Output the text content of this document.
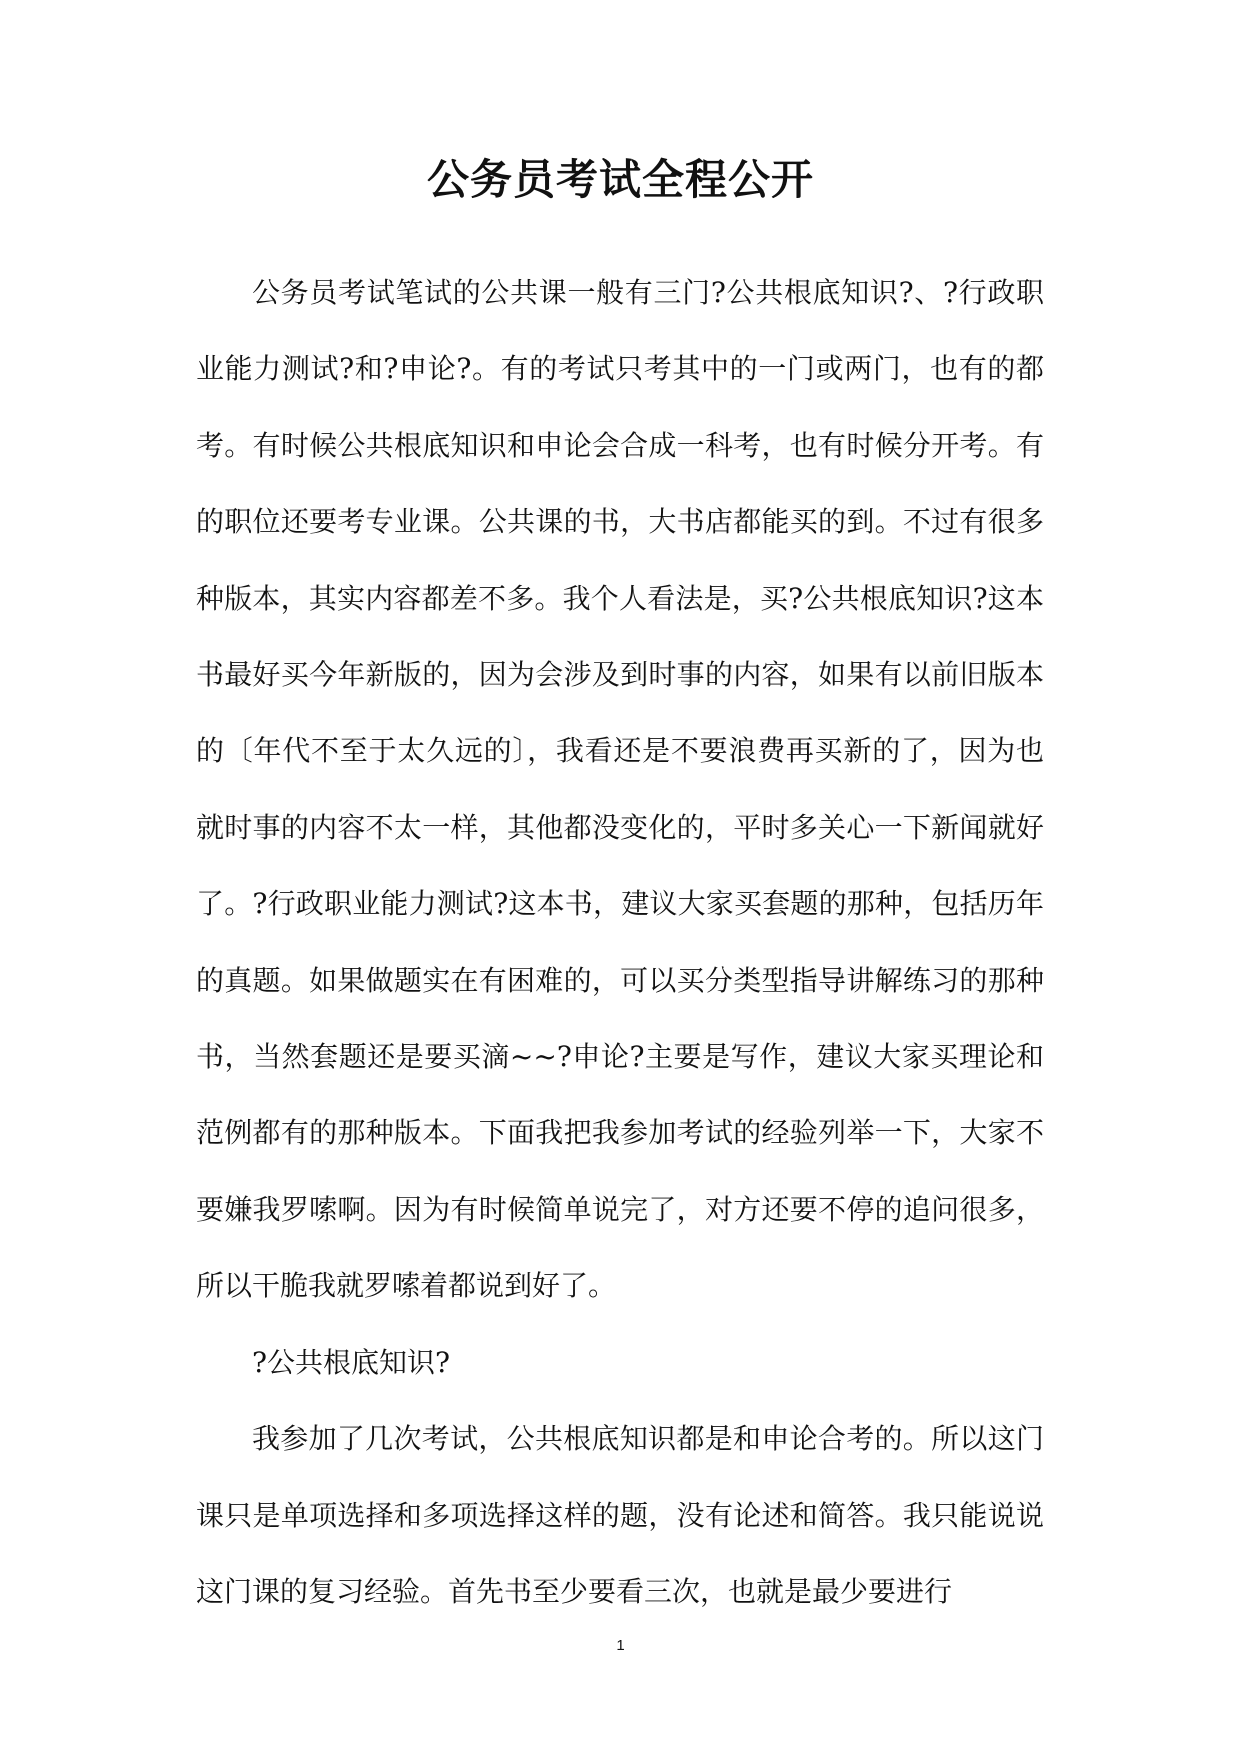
公务员考试全程公开

公务员考试笔试的公共课一般有三门?公共根底知识?、?行政职业能力测试?和?申论?。有的考试只考其中的一门或两门，也有的都考。有时候公共根底知识和申论会合成一科考，也有时候分开考。有的职位还要考专业课。公共课的书，大书店都能买的到。不过有很多种版本，其实内容都差不多。我个人看法是，买?公共根底知识?这本书最好买今年新版的，因为会涉及到时事的内容，如果有以前旧版本的〔年代不至于太久远的〕，我看还是不要浪费再买新的了，因为也就时事的内容不太一样，其他都没变化的，平时多关心一下新闻就好了。?行政职业能力测试?这本书，建议大家买套题的那种，包括历年的真题。如果做题实在有困难的，可以买分类型指导讲解练习的那种书，当然套题还是要买滴~~?申论?主要是写作，建议大家买理论和范例都有的那种版本。下面我把我参加考试的经验列举一下，大家不要嫌我罗嗦啊。因为有时候简单说完了，对方还要不停的追问很多，所以干脆我就罗嗦着都说到好了。

?公共根底知识?

我参加了几次考试，公共根底知识都是和申论合考的。所以这门课只是单项选择和多项选择这样的题，没有论述和简答。我只能说说这门课的复习经验。首先书至少要看三次，也就是最少要进行

1
